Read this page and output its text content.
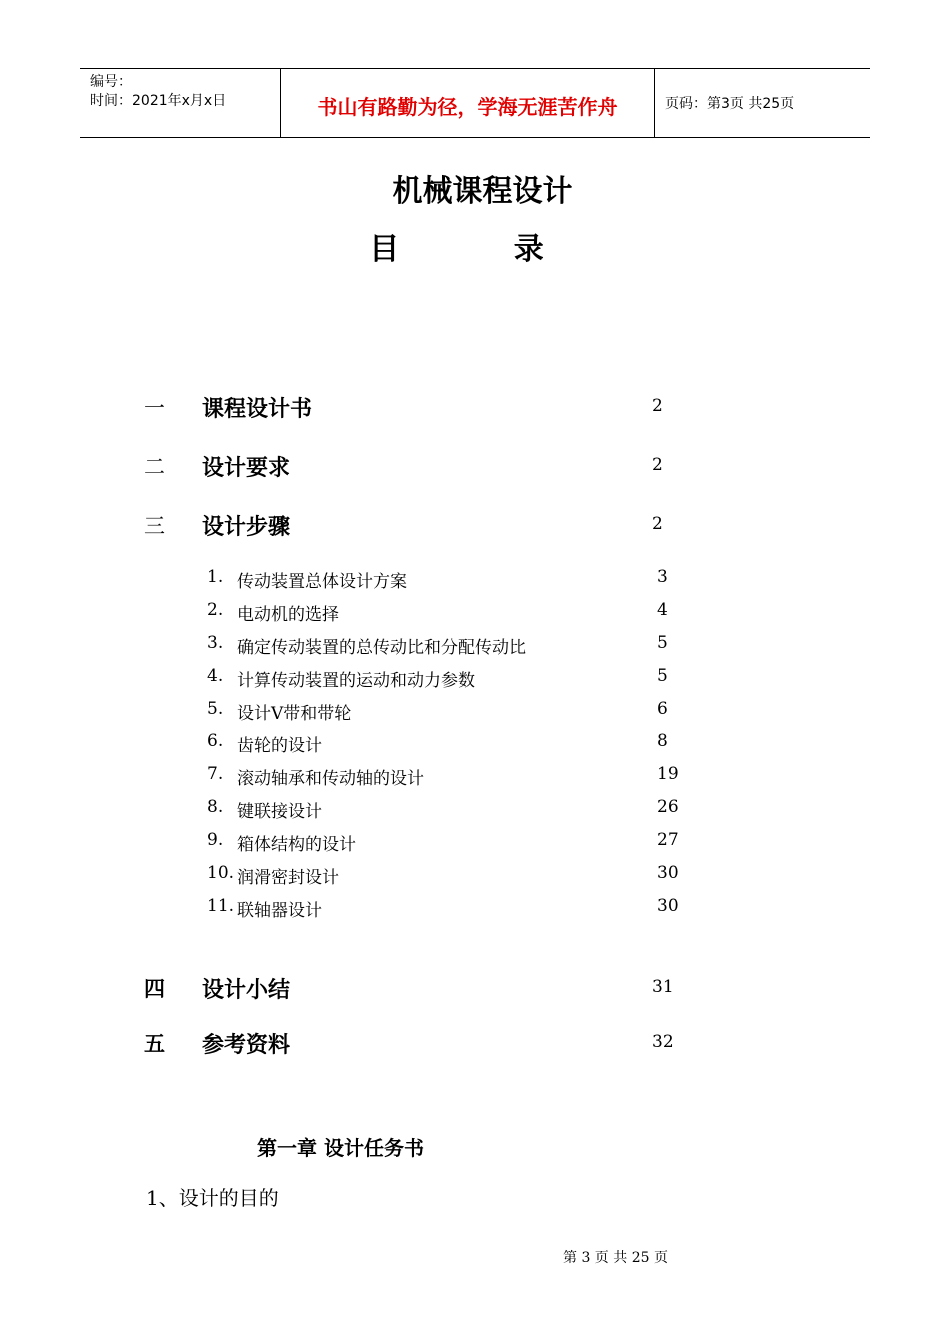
编号：
时间：2021年x月x日	书山有路勤为径，学海无涯苦作舟	页码：第3页 共25页
机械课程设计
目 录
一 课程设计书	2
二 设计要求	2
三 设计步骤	2
1. 传动装置总体设计方案	3
2. 电动机的选择	4
3. 确定传动装置的总传动比和分配传动比	5
4. 计算传动装置的运动和动力参数	5
5. 设计V带和带轮	6
6. 齿轮的设计	8
7. 滚动轴承和传动轴的设计	19
8. 键联接设计	26
9. 箱体结构的设计	27
10. 润滑密封设计	30
11. 联轴器设计	30
四 设计小结	31
五 参考资料	32
第一章 设计任务书
1、设计的目的
第 3 页 共 25 页
